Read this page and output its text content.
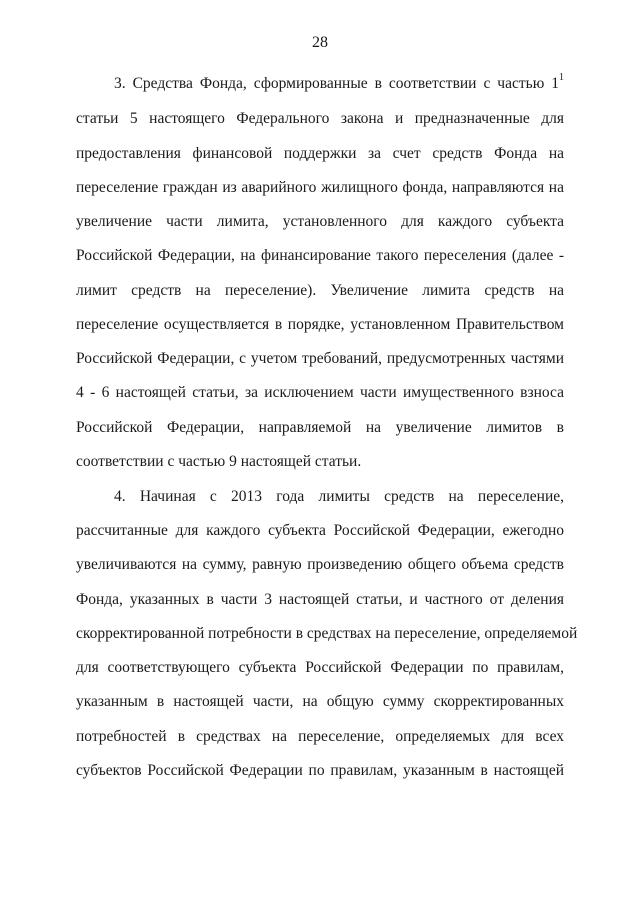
28
3. Средства Фонда, сформированные в соответствии с частью $1^1$
статьи 5 настоящего Федерального закона и предназначенные для
предоставления финансовой поддержки за счет средств Фонда на
переселение граждан из аварийного жилищного фонда, направляются на
увеличение части лимита, установленного для каждого субъекта
Российской Федерации, на финансирование такого переселения (далее -
лимит средств на переселение). Увеличение лимита средств на
переселение осуществляется в порядке, установленном Правительством
Российской Федерации, с учетом требований, предусмотренных частями
4 - 6 настоящей статьи, за исключением части имущественного взноса
Российской Федерации, направляемой на увеличение лимитов в
соответствии с частью 9 настоящей статьи.
4. Начиная с 2013 года лимиты средств на переселение,
рассчитанные для каждого субъекта Российской Федерации, ежегодно
увеличиваются на сумму, равную произведению общего объема средств
Фонда, указанных в части 3 настоящей статьи, и частного от деления
скорректированной потребности в средствах на переселение, определяемой
для соответствующего субъекта Российской Федерации по правилам,
указанным в настоящей части, на общую сумму скорректированных
потребностей в средствах на переселение, определяемых для всех
субъектов Российской Федерации по правилам, указанным в настоящей
